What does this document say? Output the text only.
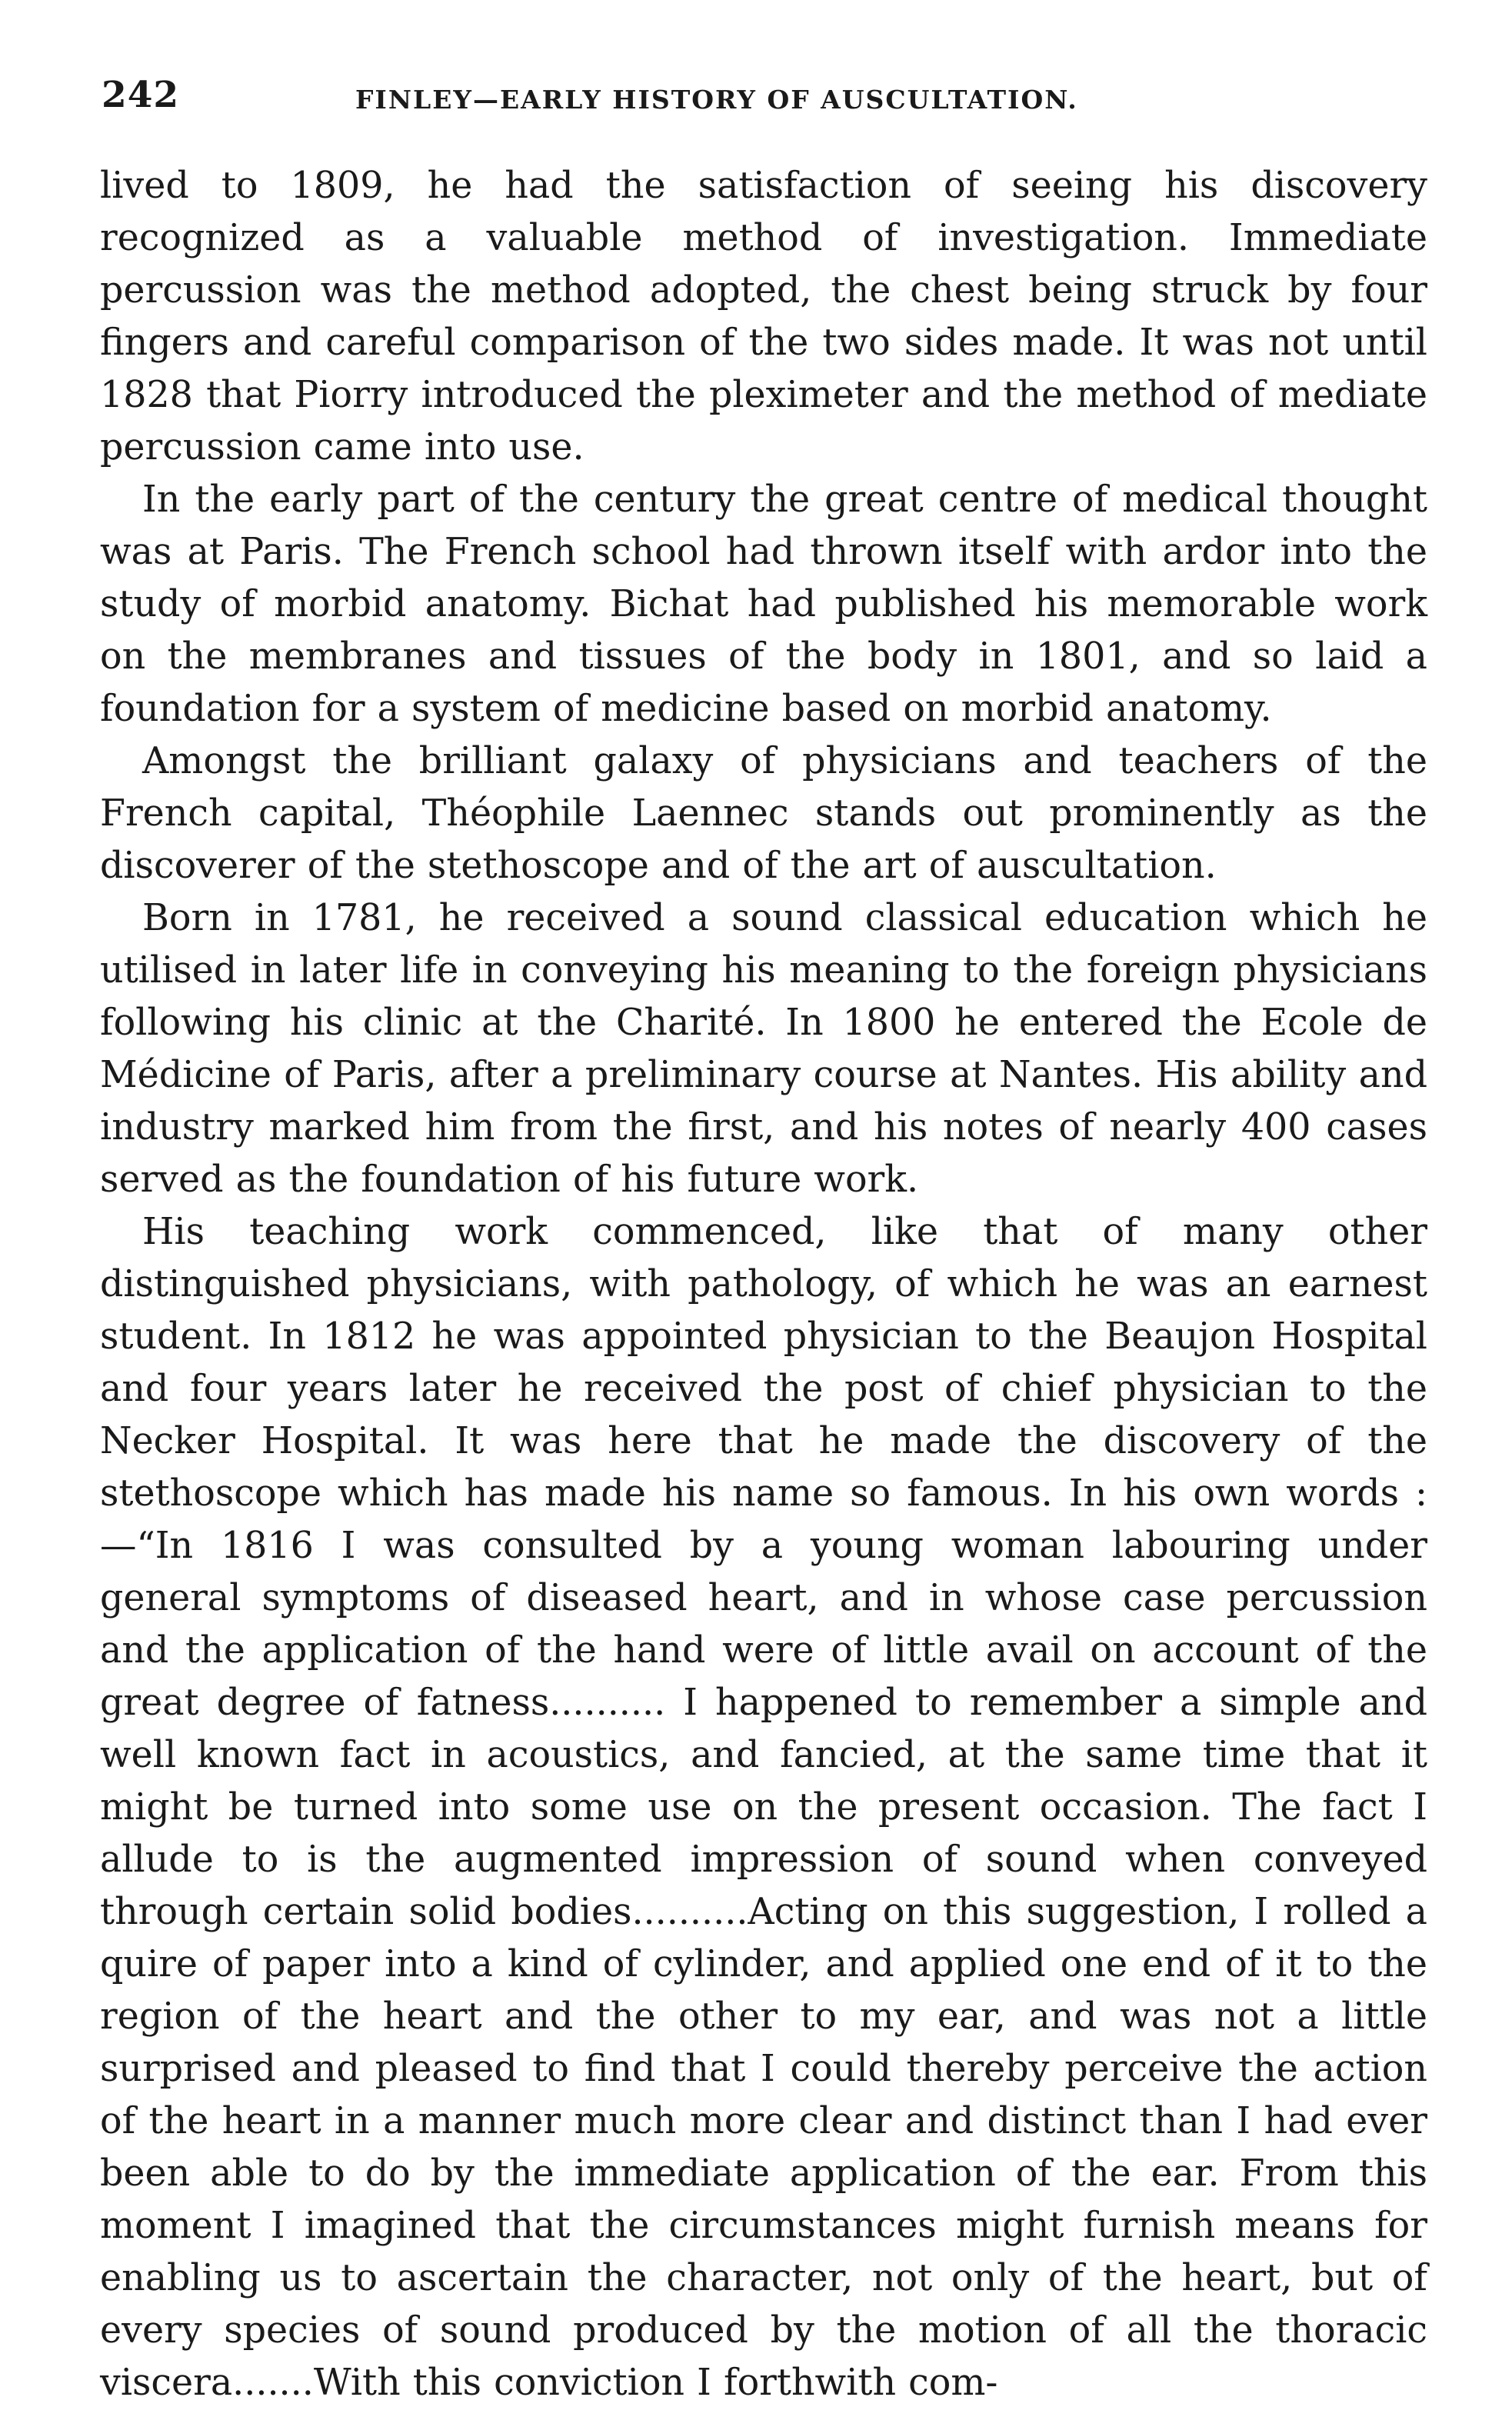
242	FINLEY—EARLY HISTORY OF AUSCULTATION.

lived to 1809, he had the satisfaction of seeing his discovery recognized as a valuable method of investigation. Immediate percussion was the method adopted, the chest being struck by four fingers and careful comparison of the two sides made. It was not until 1828 that Piorry introduced the pleximeter and the method of mediate percussion came into use.

In the early part of the century the great centre of medical thought was at Paris. The French school had thrown itself with ardor into the study of morbid anatomy. Bichat had published his memorable work on the membranes and tissues of the body in 1801, and so laid a foundation for a system of medicine based on morbid anatomy.

Amongst the brilliant galaxy of physicians and teachers of the French capital, Théophile Laennec stands out prominently as the discoverer of the stethoscope and of the art of auscultation.

Born in 1781, he received a sound classical education which he utilised in later life in conveying his meaning to the foreign physicians following his clinic at the Charité. In 1800 he entered the Ecole de Médicine of Paris, after a preliminary course at Nantes. His ability and industry marked him from the first, and his notes of nearly 400 cases served as the foundation of his future work.

His teaching work commenced, like that of many other distinguished physicians, with pathology, of which he was an earnest student. In 1812 he was appointed physician to the Beaujon Hospital and four years later he received the post of chief physician to the Necker Hospital. It was here that he made the discovery of the stethoscope which has made his name so famous. In his own words :—“In 1816 I was consulted by a young woman labouring under general symptoms of diseased heart, and in whose case percussion and the application of the hand were of little avail on account of the great degree of fatness.......... I happened to remember a simple and well known fact in acoustics, and fancied, at the same time that it might be turned into some use on the present occasion. The fact I allude to is the augmented impression of sound when conveyed through certain solid bodies..........Acting on this suggestion, I rolled a quire of paper into a kind of cylinder, and applied one end of it to the region of the heart and the other to my ear, and was not a little surprised and pleased to find that I could thereby perceive the action of the heart in a manner much more clear and distinct than I had ever been able to do by the immediate application of the ear. From this moment I imagined that the circumstances might furnish means for enabling us to ascertain the character, not only of the heart, but of every species of sound produced by the motion of all the thoracic viscera.......With this conviction I forthwith com-
